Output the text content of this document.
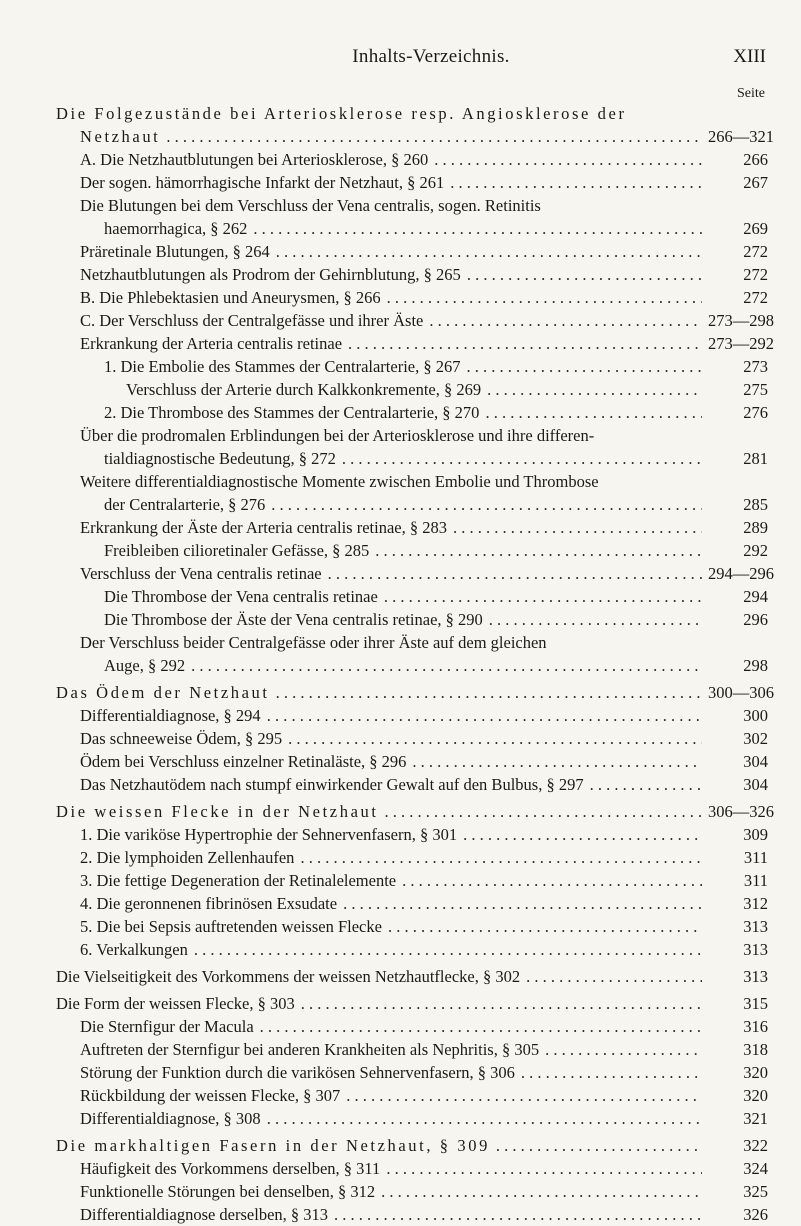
Inhalts-Verzeichnis.	XIII
Seite
Die Folgezustände bei Arteriosklerose resp. Angiosklerose der
Netzhaut . . .	266—321
A. Die Netzhautblutungen bei Arteriosklerose, § 260 . . .	266
Der sogen. hämorrhagische Infarkt der Netzhaut, § 261 . . .	267
Die Blutungen bei dem Verschluss der Vena centralis, sogen. Retinitis
haemorrhagica, § 262 . . .	269
Präretinale Blutungen, § 264 . . .	272
Netzhautblutungen als Prodrom der Gehirnblutung, § 265 . . .	272
B. Die Phlebektasien und Aneurysmen, § 266 . . .	272
C. Der Verschluss der Centralgefässe und ihrer Äste . . .	273—298
Erkrankung der Arteria centralis retinae . . .	273—292
1. Die Embolie des Stammes der Centralarterie, § 267 . . .	273
Verschluss der Arterie durch Kalkkonkremente, § 269 . . .	275
2. Die Thrombose des Stammes der Centralarterie, § 270 . . .	276
Über die prodromalen Erblindungen bei der Arteriosklerose und ihre differen-
tialdiagnostische Bedeutung, § 272 . . .	281
Weitere differentialdiagnostische Momente zwischen Embolie und Thrombose
der Centralarterie, § 276 . . .	285
Erkrankung der Äste der Arteria centralis retinae, § 283 . . .	289
Freibleiben cilioretinaler Gefässe, § 285 . . .	292
Verschluss der Vena centralis retinae . . .	294—296
Die Thrombose der Vena centralis retinae . . .	294
Die Thrombose der Äste der Vena centralis retinae, § 290 . . .	296
Der Verschluss beider Centralgefässe oder ihrer Äste auf dem gleichen
Auge, § 292 . . .	298
Das Ödem der Netzhaut . . .	300—306
Differentialdiagnose, § 294 . . .	300
Das schneeweise Ödem, § 295 . . .	302
Ödem bei Verschluss einzelner Retinaläste, § 296 . . .	304
Das Netzhautödem nach stumpf einwirkender Gewalt auf den Bulbus, § 297 . . .	304
Die weissen Flecke in der Netzhaut . . .	306—326
1. Die variköse Hypertrophie der Sehnervenfasern, § 301 . . .	309
2. Die lymphoiden Zellenhaufen . . .	311
3. Die fettige Degeneration der Retinalelemente . . .	311
4. Die geronnenen fibrinösen Exsudate . . .	312
5. Die bei Sepsis auftretenden weissen Flecke . . .	313
6. Verkalkungen . . .	313
Die Vielseitigkeit des Vorkommens der weissen Netzhautflecke, § 302 . . .	313
Die Form der weissen Flecke, § 303 . . .	315
Die Sternfigur der Macula . . .	316
Auftreten der Sternfigur bei anderen Krankheiten als Nephritis, § 305 . . .	318
Störung der Funktion durch die varikösen Sehnervenfasern, § 306 . . .	320
Rückbildung der weissen Flecke, § 307 . . .	320
Differentialdiagnose, § 308 . . .	321
Die markhaltigen Fasern in der Netzhaut, § 309 . . .	322
Häufigkeit des Vorkommens derselben, § 311 . . .	324
Funktionelle Störungen bei denselben, § 312 . . .	325
Differentialdiagnose derselben, § 313 . . .	326
